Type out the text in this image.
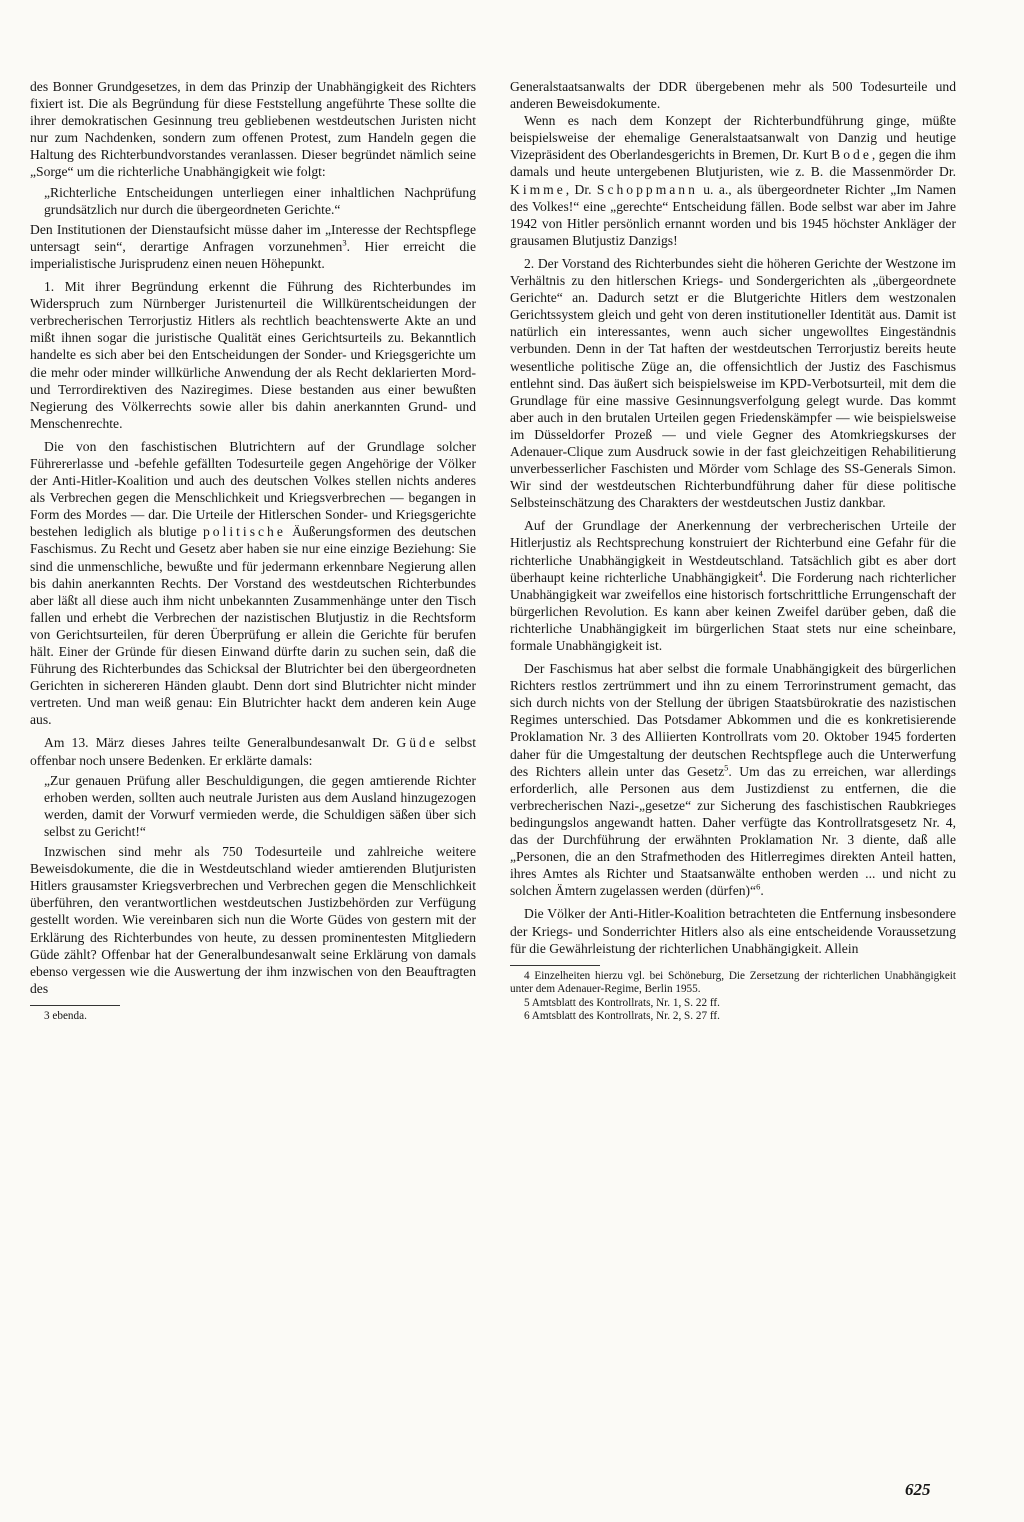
des Bonner Grundgesetzes, in dem das Prinzip der Unabhängigkeit des Richters fixiert ist. Die als Begründung für diese Feststellung angeführte These sollte die ihrer demokratischen Gesinnung treu gebliebenen westdeutschen Juristen nicht nur zum Nachdenken, sondern zum offenen Protest, zum Handeln gegen die Haltung des Richterbundvorstandes veranlassen. Dieser begründet nämlich seine „Sorge“ um die richterliche Unabhängigkeit wie folgt:

„Richterliche Entscheidungen unterliegen einer inhaltlichen Nachprüfung grundsätzlich nur durch die übergeordneten Gerichte.“

Den Institutionen der Dienstaufsicht müsse daher im „Interesse der Rechtspflege untersagt sein“, derartige Anfragen vorzunehmen$^3$. Hier erreicht die imperialistische Jurisprudenz einen neuen Höhepunkt.

1. Mit ihrer Begründung erkennt die Führung des Richterbundes im Widerspruch zum Nürnberger Juristenurteil die Willkürentscheidungen der verbrecherischen Terrorjustiz Hitlers als rechtlich beachtenswerte Akte an und mißt ihnen sogar die juristische Qualität eines Gerichtsurteils zu. Bekanntlich handelte es sich aber bei den Entscheidungen der Sonder- und Kriegsgerichte um die mehr oder minder willkürliche Anwendung der als Recht deklarierten Mord- und Terrordirektiven des Naziregimes. Diese bestanden aus einer bewußten Negierung des Völkerrechts sowie aller bis dahin anerkannten Grund- und Menschenrechte.

Die von den faschistischen Blutrichtern auf der Grundlage solcher Führererlasse und -befehle gefällten Todesurteile gegen Angehörige der Völker der Anti-Hitler-Koalition und auch des deutschen Volkes stellen nichts anderes als Verbrechen gegen die Menschlichkeit und Kriegsverbrechen — begangen in Form des Mordes — dar. Die Urteile der Hitlerschen Sonder- und Kriegsgerichte bestehen lediglich als blutige politische Äußerungsformen des deutschen Faschismus. Zu Recht und Gesetz aber haben sie nur eine einzige Beziehung: Sie sind die unmenschliche, bewußte und für jedermann erkennbare Negierung allen bis dahin anerkannten Rechts. Der Vorstand des westdeutschen Richterbundes aber läßt all diese auch ihm nicht unbekannten Zusammenhänge unter den Tisch fallen und erhebt die Verbrechen der nazistischen Blutjustiz in die Rechtsform von Gerichtsurteilen, für deren Überprüfung er allein die Gerichte für berufen hält. Einer der Gründe für diesen Einwand dürfte darin zu suchen sein, daß die Führung des Richterbundes das Schicksal der Blutrichter bei den übergeordneten Gerichten in sichereren Händen glaubt. Denn dort sind Blutrichter nicht minder vertreten. Und man weiß genau: Ein Blutrichter hackt dem anderen kein Auge aus.

Am 13. März dieses Jahres teilte Generalbundesanwalt Dr. Güde selbst offenbar noch unsere Bedenken. Er erklärte damals:

„Zur genauen Prüfung aller Beschuldigungen, die gegen amtierende Richter erhoben werden, sollten auch neutrale Juristen aus dem Ausland hinzugezogen werden, damit der Vorwurf vermieden werde, die Schuldigen säßen über sich selbst zu Gericht!“

Inzwischen sind mehr als 750 Todesurteile und zahlreiche weitere Beweisdokumente, die die in Westdeutschland wieder amtierenden Blutjuristen Hitlers grausamster Kriegsverbrechen und Verbrechen gegen die Menschlichkeit überführen, den verantwortlichen westdeutschen Justizbehörden zur Verfügung gestellt worden. Wie vereinbaren sich nun die Worte Güdes von gestern mit der Erklärung des Richterbundes von heute, zu dessen prominentesten Mitgliedern Güde zählt? Offenbar hat der Generalbundesanwalt seine Erklärung von damals ebenso vergessen wie die Auswertung der ihm inzwischen von den Beauftragten des

3 ebenda.

Generalstaatsanwalts der DDR übergebenen mehr als 500 Todesurteile und anderen Beweisdokumente.

Wenn es nach dem Konzept der Richterbundführung ginge, müßte beispielsweise der ehemalige Generalstaatsanwalt von Danzig und heutige Vizepräsident des Oberlandesgerichts in Bremen, Dr. Kurt Bode, gegen die ihm damals und heute untergebenen Blutjuristen, wie z. B. die Massenmörder Dr. Kimme, Dr. Schoppmann u. a., als übergeordneter Richter „Im Namen des Volkes!“ eine „gerechte“ Entscheidung fällen. Bode selbst war aber im Jahre 1942 von Hitler persönlich ernannt worden und bis 1945 höchster Ankläger der grausamen Blutjustiz Danzigs!

2. Der Vorstand des Richterbundes sieht die höheren Gerichte der Westzone im Verhältnis zu den hitlerschen Kriegs- und Sondergerichten als „übergeordnete Gerichte“ an. Dadurch setzt er die Blutgerichte Hitlers dem westzonalen Gerichtssystem gleich und geht von deren institutioneller Identität aus. Damit ist natürlich ein interessantes, wenn auch sicher ungewolltes Eingeständnis verbunden. Denn in der Tat haften der westdeutschen Terrorjustiz bereits heute wesentliche politische Züge an, die offensichtlich der Justiz des Faschismus entlehnt sind. Das äußert sich beispielsweise im KPD-Verbotsurteil, mit dem die Grundlage für eine massive Gesinnungsverfolgung gelegt wurde. Das kommt aber auch in den brutalen Urteilen gegen Friedenskämpfer — wie beispielsweise im Düsseldorfer Prozeß — und viele Gegner des Atomkriegskurses der Adenauer-Clique zum Ausdruck sowie in der fast gleichzeitigen Rehabilitierung unverbesserlicher Faschisten und Mörder vom Schlage des SS-Generals Simon. Wir sind der westdeutschen Richterbundführung daher für diese politische Selbsteinschätzung des Charakters der westdeutschen Justiz dankbar.

Auf der Grundlage der Anerkennung der verbrecherischen Urteile der Hitlerjustiz als Rechtsprechung konstruiert der Richterbund eine Gefahr für die richterliche Unabhängigkeit in Westdeutschland. Tatsächlich gibt es aber dort überhaupt keine richterliche Unabhängigkeit$^4$. Die Forderung nach richterlicher Unabhängigkeit war zweifellos eine historisch fortschrittliche Errungenschaft der bürgerlichen Revolution. Es kann aber keinen Zweifel darüber geben, daß die richterliche Unabhängigkeit im bürgerlichen Staat stets nur eine scheinbare, formale Unabhängigkeit ist.

Der Faschismus hat aber selbst die formale Unabhängigkeit des bürgerlichen Richters restlos zertrümmert und ihn zu einem Terrorinstrument gemacht, das sich durch nichts von der Stellung der übrigen Staatsbürokratie des nazistischen Regimes unterschied. Das Potsdamer Abkommen und die es konkretisierende Proklamation Nr. 3 des Alliierten Kontrollrats vom 20. Oktober 1945 forderten daher für die Umgestaltung der deutschen Rechtspflege auch die Unterwerfung des Richters allein unter das Gesetz$^5$. Um das zu erreichen, war allerdings erforderlich, alle Personen aus dem Justizdienst zu entfernen, die die verbrecherischen Nazi-„gesetze“ zur Sicherung des faschistischen Raubkrieges bedingungslos angewandt hatten. Daher verfügte das Kontrollratsgesetz Nr. 4, das der Durchführung der erwähnten Proklamation Nr. 3 diente, daß alle „Personen, die an den Strafmethoden des Hitlerregimes direkten Anteil hatten, ihres Amtes als Richter und Staatsanwälte enthoben werden ... und nicht zu solchen Ämtern zugelassen werden (dürfen)“$^6$.

Die Völker der Anti-Hitler-Koalition betrachteten die Entfernung insbesondere der Kriegs- und Sonderrichter Hitlers also als eine entscheidende Voraussetzung für die Gewährleistung der richterlichen Unabhängigkeit. Allein

4 Einzelheiten hierzu vgl. bei Schöneburg, Die Zersetzung der richterlichen Unabhängigkeit unter dem Adenauer-Regime, Berlin 1955.

5 Amtsblatt des Kontrollrats, Nr. 1, S. 22 ff.

6 Amtsblatt des Kontrollrats, Nr. 2, S. 27 ff.

625
